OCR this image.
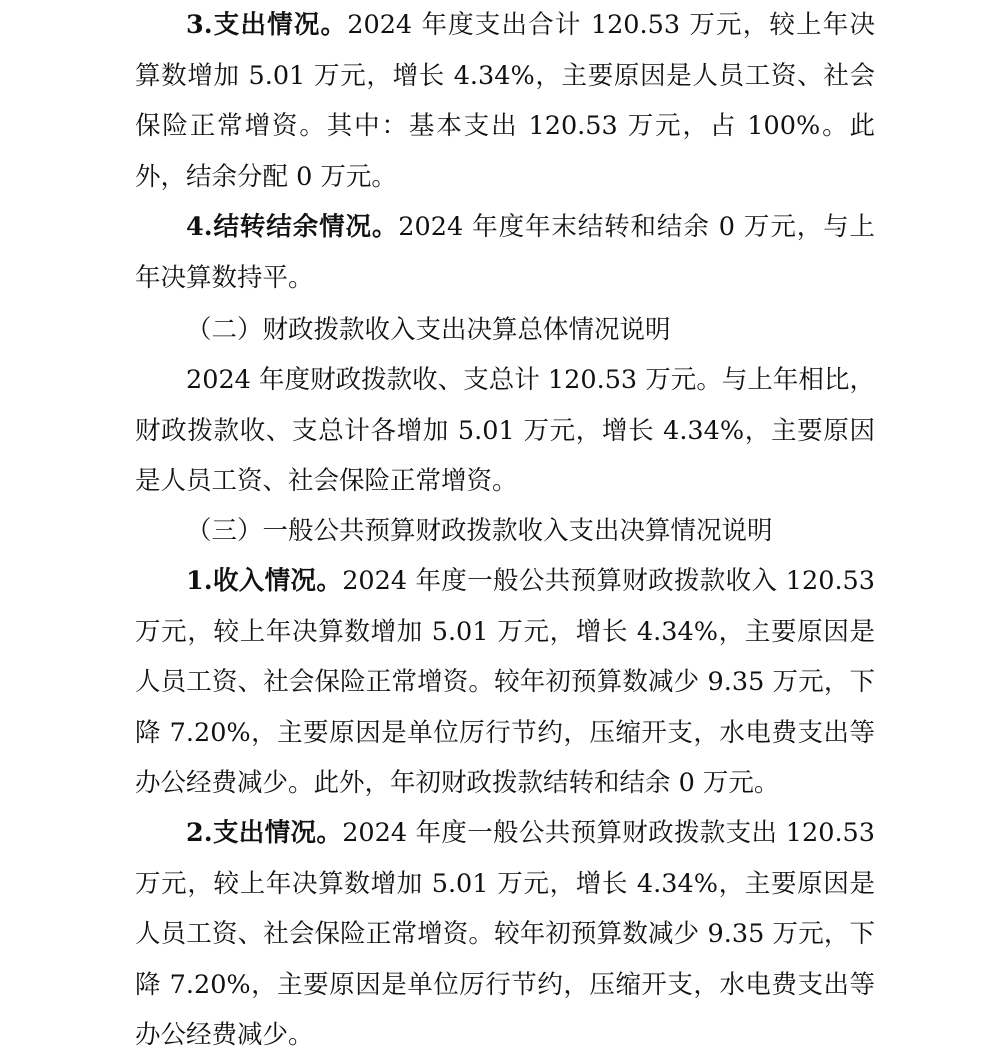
3.支出情况。2024 年度支出合计 120.53 万元，较上年决算数增加 5.01 万元，增长 4.34%，主要原因是人员工资、社会保险正常增资。其中：基本支出 120.53 万元，占 100%。此外，结余分配 0 万元。

4.结转结余情况。2024 年度年末结转和结余 0 万元，与上年决算数持平。

（二）财政拨款收入支出决算总体情况说明

2024 年度财政拨款收、支总计 120.53 万元。与上年相比，财政拨款收、支总计各增加 5.01 万元，增长 4.34%，主要原因是人员工资、社会保险正常增资。

（三）一般公共预算财政拨款收入支出决算情况说明

1.收入情况。2024 年度一般公共预算财政拨款收入 120.53 万元，较上年决算数增加 5.01 万元，增长 4.34%，主要原因是人员工资、社会保险正常增资。较年初预算数减少 9.35 万元，下降 7.20%，主要原因是单位厉行节约，压缩开支，水电费支出等办公经费减少。此外，年初财政拨款结转和结余 0 万元。

2.支出情况。2024 年度一般公共预算财政拨款支出 120.53 万元，较上年决算数增加 5.01 万元，增长 4.34%，主要原因是人员工资、社会保险正常增资。较年初预算数减少 9.35 万元，下降 7.20%，主要原因是单位厉行节约，压缩开支，水电费支出等办公经费减少。
